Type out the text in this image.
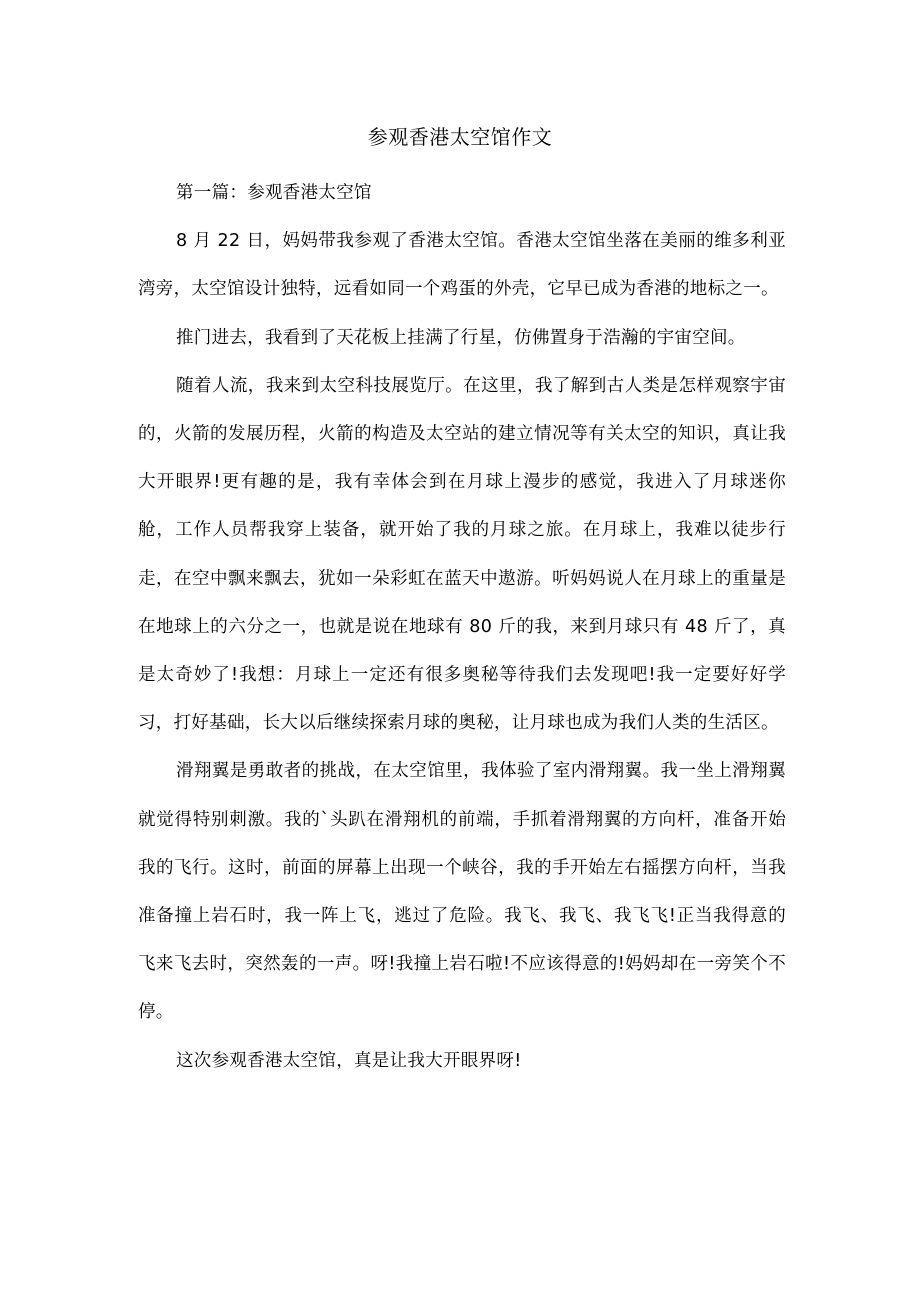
参观香港太空馆作文

第一篇：参观香港太空馆

8 月 22 日，妈妈带我参观了香港太空馆。香港太空馆坐落在美丽的维多利亚湾旁，太空馆设计独特，远看如同一个鸡蛋的外壳，它早已成为香港的地标之一。

推门进去，我看到了天花板上挂满了行星，仿佛置身于浩瀚的宇宙空间。

随着人流，我来到太空科技展览厅。在这里，我了解到古人类是怎样观察宇宙的，火箭的发展历程，火箭的构造及太空站的建立情况等有关太空的知识，真让我大开眼界!更有趣的是，我有幸体会到在月球上漫步的感觉，我进入了月球迷你舱，工作人员帮我穿上装备，就开始了我的月球之旅。在月球上，我难以徒步行走，在空中飘来飘去，犹如一朵彩虹在蓝天中遨游。听妈妈说人在月球上的重量是在地球上的六分之一，也就是说在地球有 80 斤的我，来到月球只有 48 斤了，真是太奇妙了!我想：月球上一定还有很多奥秘等待我们去发现吧!我一定要好好学习，打好基础，长大以后继续探索月球的奥秘，让月球也成为我们人类的生活区。

滑翔翼是勇敢者的挑战，在太空馆里，我体验了室内滑翔翼。我一坐上滑翔翼就觉得特别刺激。我的`头趴在滑翔机的前端，手抓着滑翔翼的方向杆，准备开始我的飞行。这时，前面的屏幕上出现一个峡谷，我的手开始左右摇摆方向杆，当我准备撞上岩石时，我一阵上飞，逃过了危险。我飞、我飞、我飞飞!正当我得意的飞来飞去时，突然轰的一声。呀!我撞上岩石啦!不应该得意的!妈妈却在一旁笑个不停。

这次参观香港太空馆，真是让我大开眼界呀!
